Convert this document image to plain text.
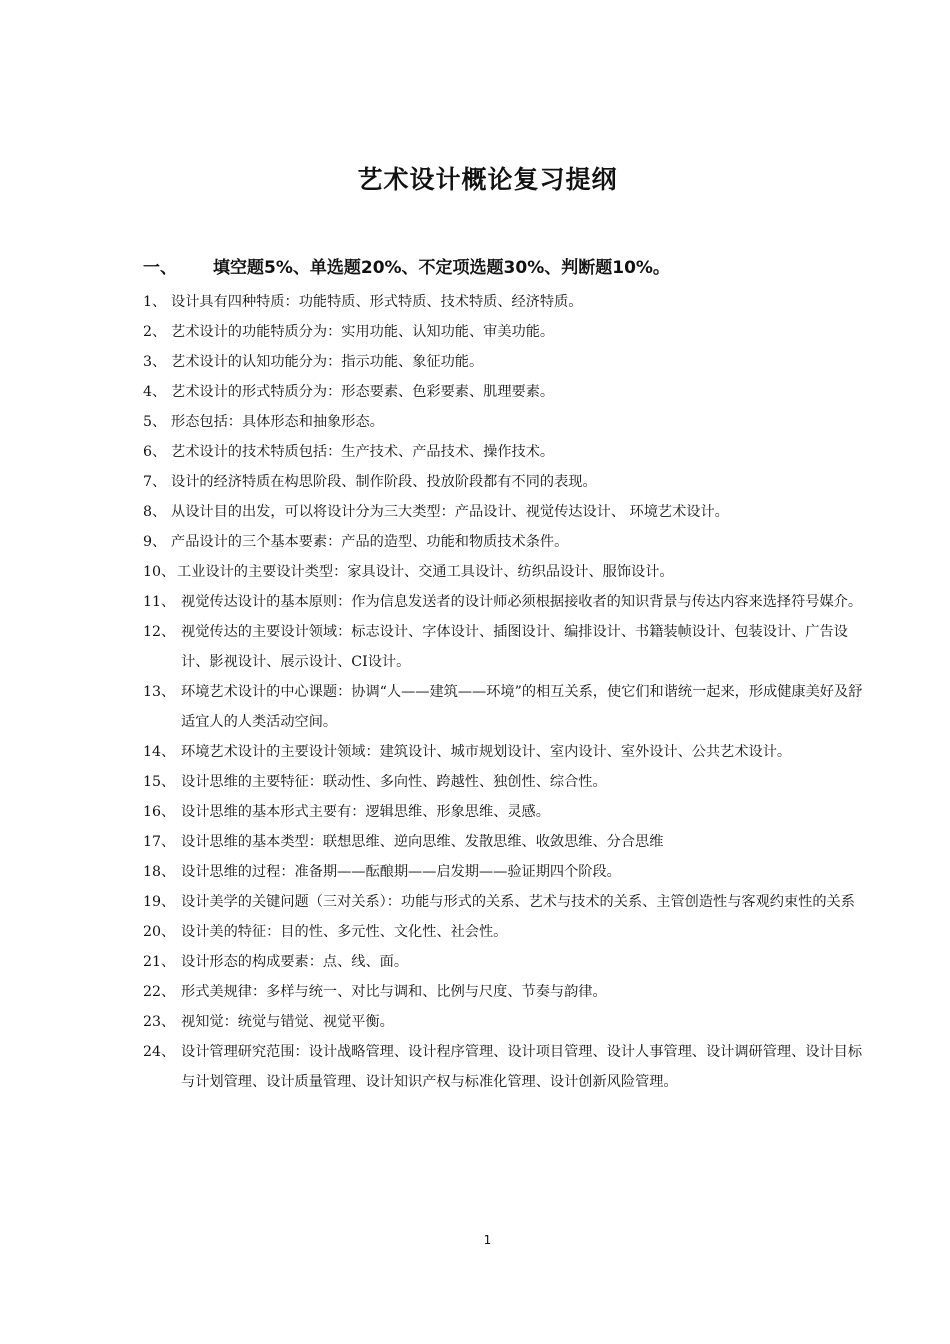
艺术设计概论复习提纲
一、 填空题5%、单选题20%、不定项选题30%、判断题10%。
1、 设计具有四种特质：功能特质、形式特质、技术特质、经济特质。
2、 艺术设计的功能特质分为：实用功能、认知功能、审美功能。
3、 艺术设计的认知功能分为：指示功能、象征功能。
4、 艺术设计的形式特质分为：形态要素、色彩要素、肌理要素。
5、 形态包括：具体形态和抽象形态。
6、 艺术设计的技术特质包括：生产技术、产品技术、操作技术。
7、 设计的经济特质在构思阶段、制作阶段、投放阶段都有不同的表现。
8、 从设计目的出发，可以将设计分为三大类型：产品设计、视觉传达设计、 环境艺术设计。
9、 产品设计的三个基本要素：产品的造型、功能和物质技术条件。
10、 工业设计的主要设计类型：家具设计、交通工具设计、纺织品设计、服饰设计。
11、 视觉传达设计的基本原则：作为信息发送者的设计师必须根据接收者的知识背景与传达内容来选择符号媒介。
12、 视觉传达的主要设计领域：标志设计、字体设计、插图设计、编排设计、书籍装帧设计、包装设计、广告设计、影视设计、展示设计、CI设计。
13、 环境艺术设计的中心课题：协调“人——建筑——环境”的相互关系，使它们和谐统一起来，形成健康美好及舒适宜人的人类活动空间。
14、 环境艺术设计的主要设计领域：建筑设计、城市规划设计、室内设计、室外设计、公共艺术设计。
15、 设计思维的主要特征：联动性、多向性、跨越性、独创性、综合性。
16、 设计思维的基本形式主要有：逻辑思维、形象思维、灵感。
17、 设计思维的基本类型：联想思维、逆向思维、发散思维、收敛思维、分合思维
18、 设计思维的过程：准备期——酝酿期——启发期——验证期四个阶段。
19、 设计美学的关键问题（三对关系）：功能与形式的关系、艺术与技术的关系、主管创造性与客观约束性的关系
20、 设计美的特征：目的性、多元性、文化性、社会性。
21、 设计形态的构成要素：点、线、面。
22、 形式美规律：多样与统一、对比与调和、比例与尺度、节奏与韵律。
23、 视知觉：统觉与错觉、视觉平衡。
24、 设计管理研究范围：设计战略管理、设计程序管理、设计项目管理、设计人事管理、设计调研管理、设计目标与计划管理、设计质量管理、设计知识产权与标准化管理、设计创新风险管理。
1
